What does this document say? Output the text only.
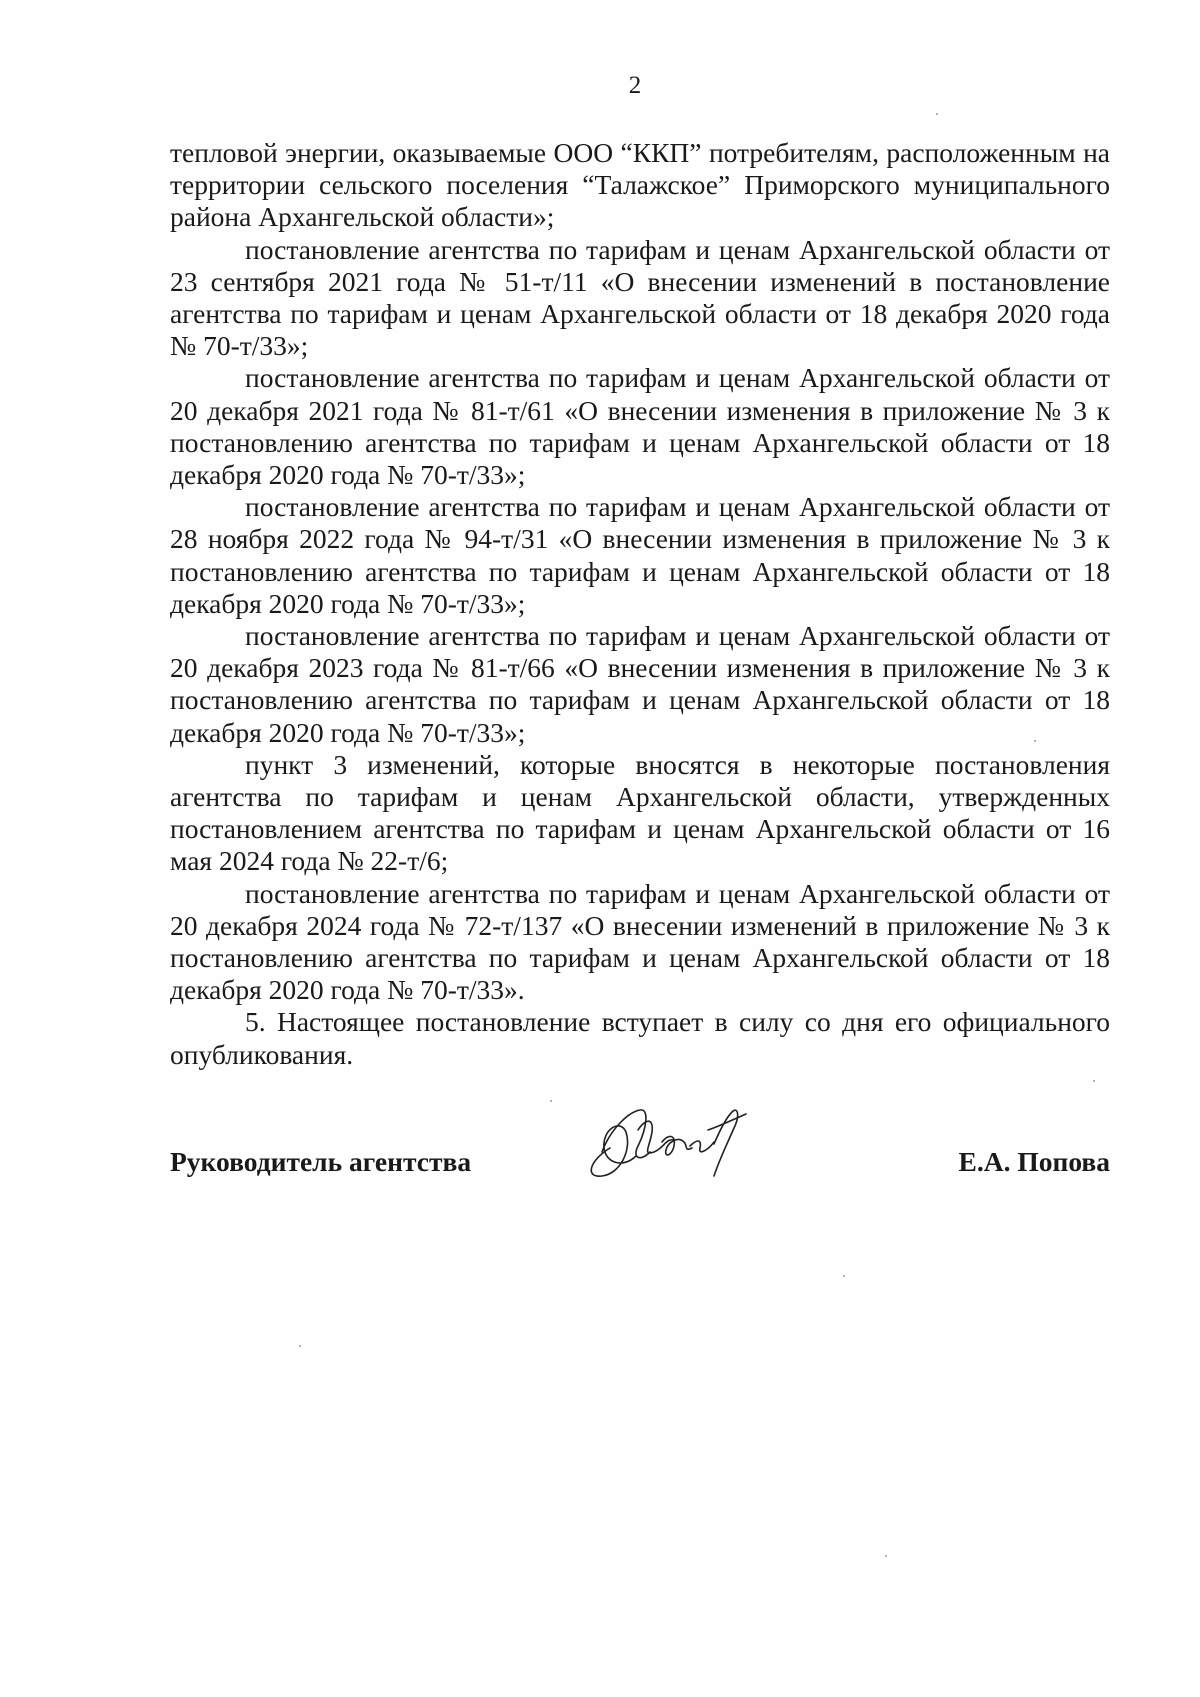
2

тепловой энергии, оказываемые ООО “ККП” потребителям, расположенным на территории сельского поселения “Талажское” Приморского муниципального района Архангельской области»;

постановление агентства по тарифам и ценам Архангельской области от 23 сентября 2021 года № 51-т/11 «О внесении изменений в постановление агентства по тарифам и ценам Архангельской области от 18 декабря 2020 года № 70-т/33»;

постановление агентства по тарифам и ценам Архангельской области от 20 декабря 2021 года № 81-т/61 «О внесении изменения в приложение № 3 к постановлению агентства по тарифам и ценам Архангельской области от 18 декабря 2020 года № 70-т/33»;

постановление агентства по тарифам и ценам Архангельской области от 28 ноября 2022 года № 94-т/31 «О внесении изменения в приложение № 3 к постановлению агентства по тарифам и ценам Архангельской области от 18 декабря 2020 года № 70-т/33»;

постановление агентства по тарифам и ценам Архангельской области от 20 декабря 2023 года № 81-т/66 «О внесении изменения в приложение № 3 к постановлению агентства по тарифам и ценам Архангельской области от 18 декабря 2020 года № 70-т/33»;

пункт 3 изменений, которые вносятся в некоторые постановления агентства по тарифам и ценам Архангельской области, утвержденных постановлением агентства по тарифам и ценам Архангельской области от 16 мая 2024 года № 22-т/6;

постановление агентства по тарифам и ценам Архангельской области от 20 декабря 2024 года № 72-т/137 «О внесении изменений в приложение № 3 к постановлению агентства по тарифам и ценам Архангельской области от 18 декабря 2020 года № 70-т/33».

5. Настоящее постановление вступает в силу со дня его официального опубликования.

Руководитель агентства	Е.А. Попова
